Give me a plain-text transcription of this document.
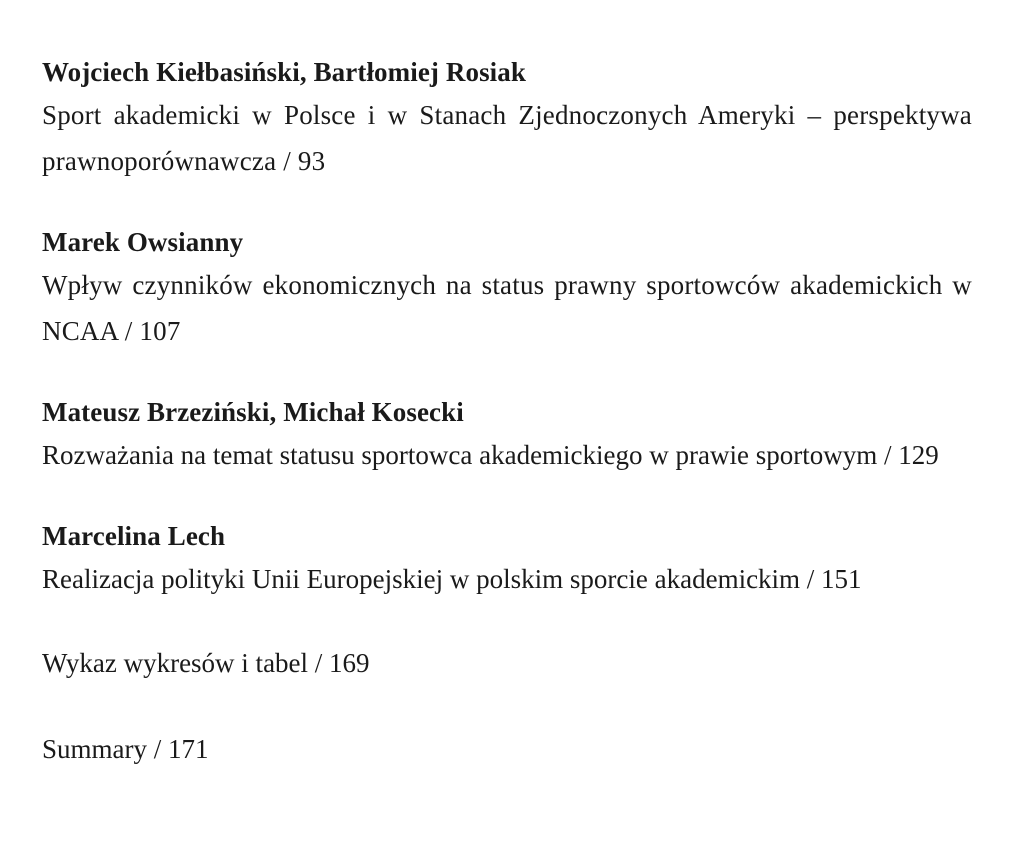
Wojciech Kiełbasiński, Bartłomiej Rosiak
Sport akademicki w Polsce i w Stanach Zjednoczonych Ameryki – perspektywa prawnoporównawcza / 93
Marek Owsianny
Wpływ czynników ekonomicznych na status prawny sportowców akademickich w NCAA / 107
Mateusz Brzeziński, Michał Kosecki
Rozważania na temat statusu sportowca akademickiego w prawie sportowym / 129
Marcelina Lech
Realizacja polityki Unii Europejskiej w polskim sporcie akademickim / 151
Wykaz wykresów i tabel / 169
Summary / 171
